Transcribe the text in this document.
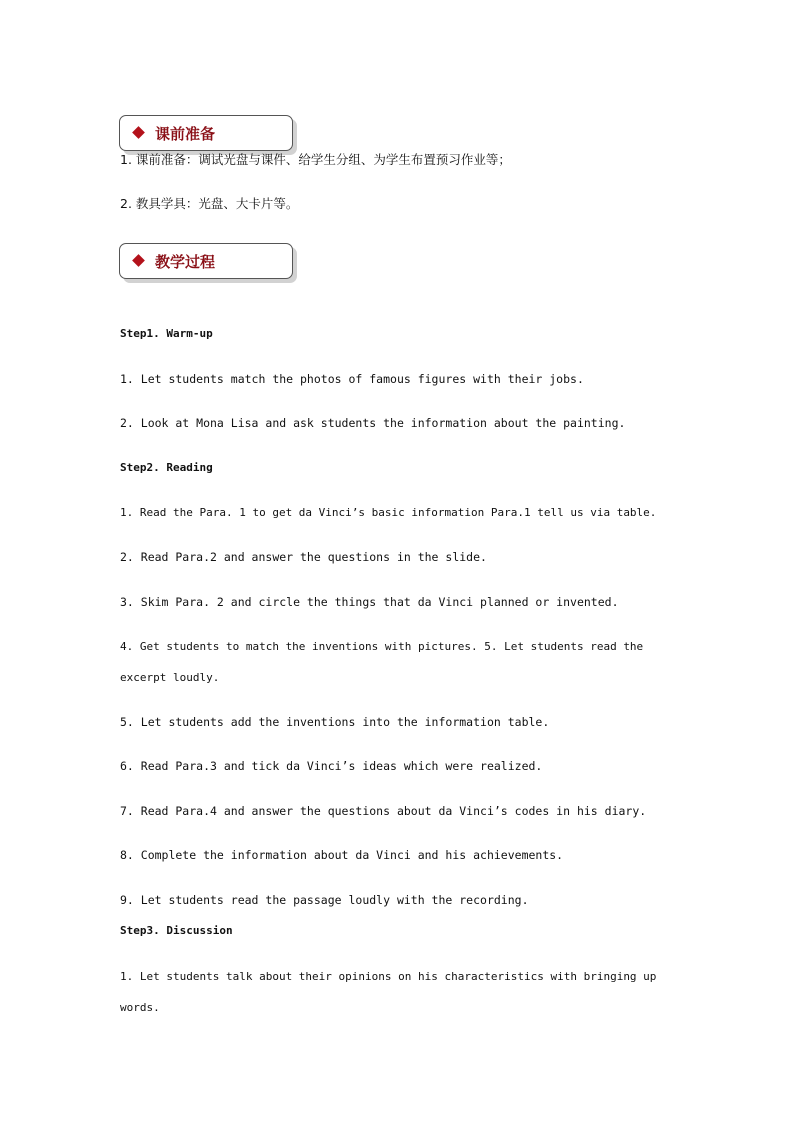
课前准备
1. 课前准备：调试光盘与课件、给学生分组、为学生布置预习作业等；
2. 教具学具：光盘、大卡片等。
教学过程
Step1. Warm-up
1. Let students match the photos of famous figures with their jobs.
2. Look at Mona Lisa and ask students the information about the painting.
Step2. Reading
1. Read the Para. 1 to get da Vinci’s basic information Para.1 tell us via table.
2. Read Para.2 and answer the questions in the slide.
3. Skim Para. 2 and circle the things that da Vinci planned or invented.
4. Get students to match the inventions with pictures. 5. Let students read the excerpt loudly.
5. Let students add the inventions into the information table.
6. Read Para.3 and tick da Vinci’s ideas which were realized.
7. Read Para.4 and answer the questions about da Vinci’s codes in his diary.
8. Complete the information about da Vinci and his achievements.
9. Let students read the passage loudly with the recording.
Step3. Discussion
1. Let students talk about their opinions on his characteristics with bringing up words.
